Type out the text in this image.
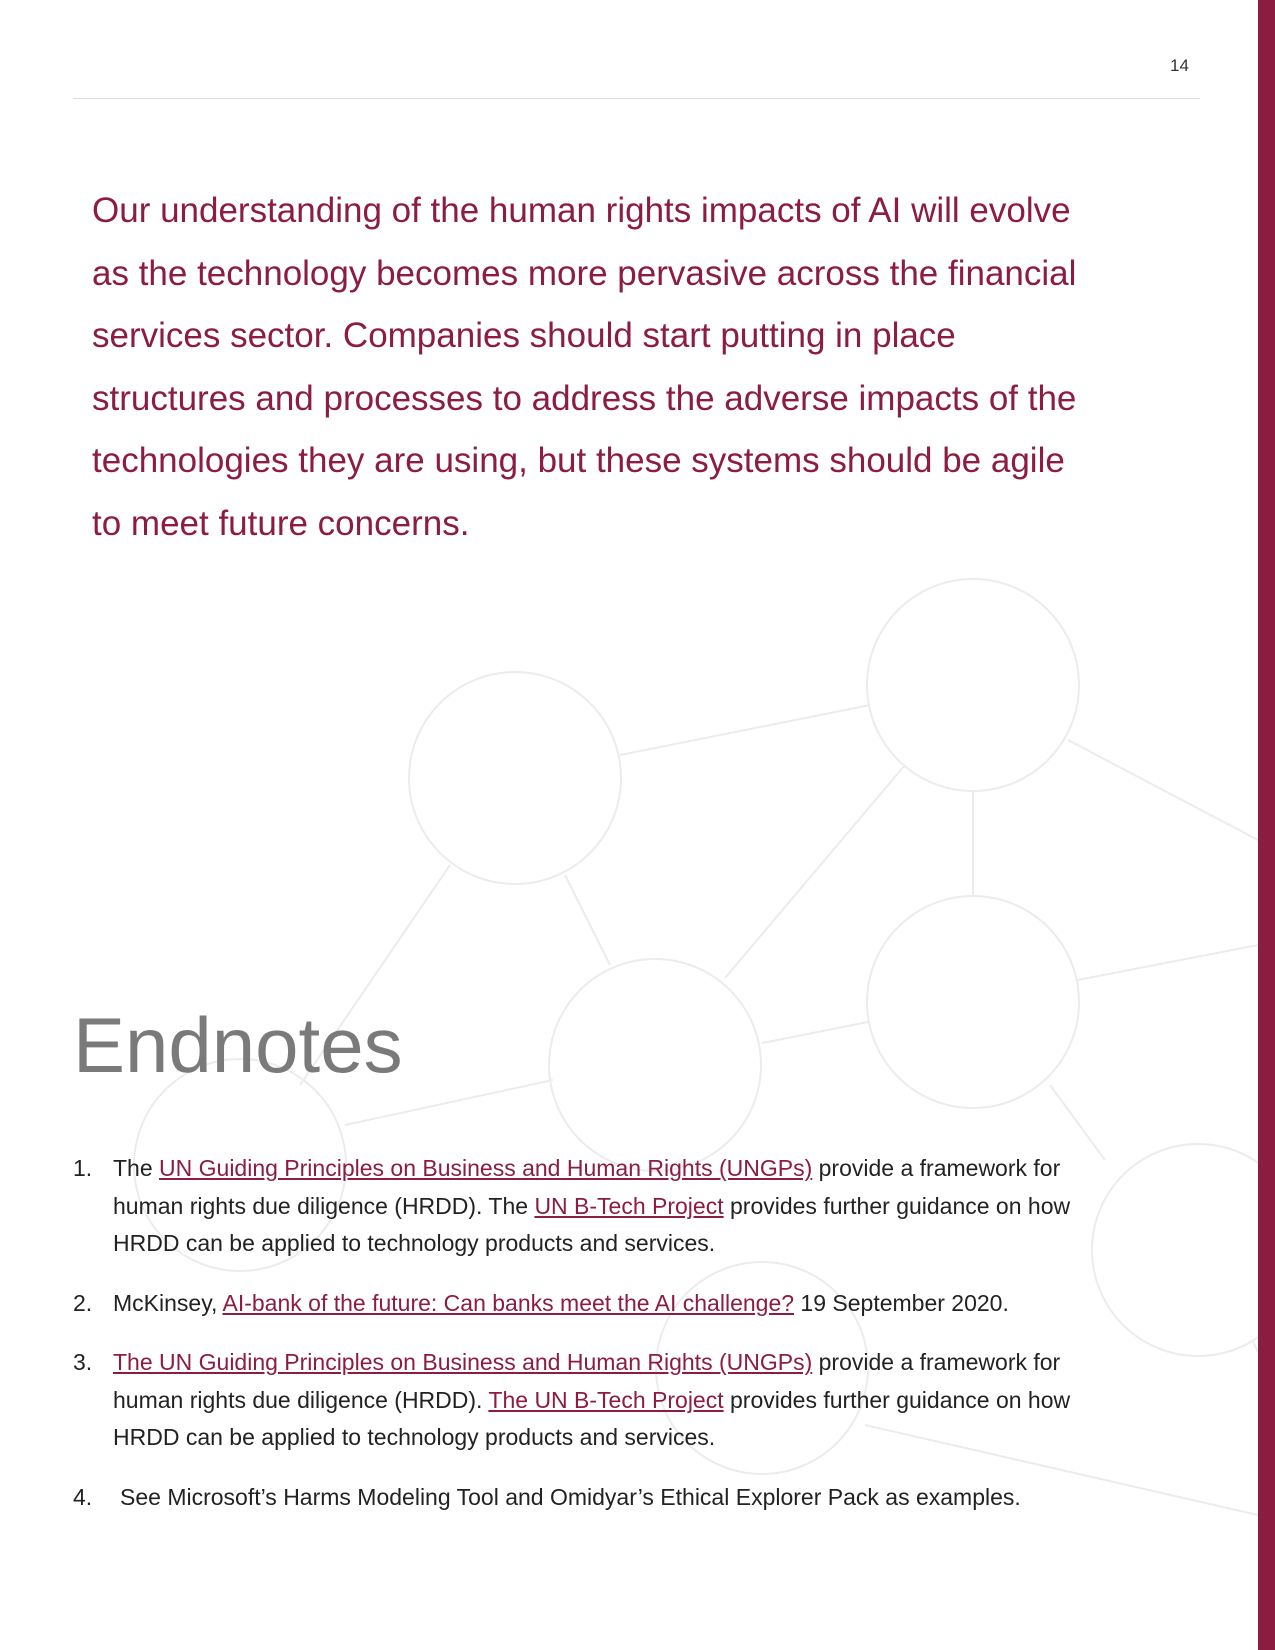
14
Our understanding of the human rights impacts of AI will evolve as the technology becomes more pervasive across the financial services sector. Companies should start putting in place structures and processes to address the adverse impacts of the technologies they are using, but these systems should be agile to meet future concerns.
Endnotes
1. The UN Guiding Principles on Business and Human Rights (UNGPs) provide a framework for human rights due diligence (HRDD). The UN B-Tech Project provides further guidance on how HRDD can be applied to technology products and services.
2. McKinsey, AI-bank of the future: Can banks meet the AI challenge? 19 September 2020.
3. The UN Guiding Principles on Business and Human Rights (UNGPs) provide a framework for human rights due diligence (HRDD). The UN B-Tech Project provides further guidance on how HRDD can be applied to technology products and services.
4. See Microsoft’s Harms Modeling Tool and Omidyar’s Ethical Explorer Pack as examples.
